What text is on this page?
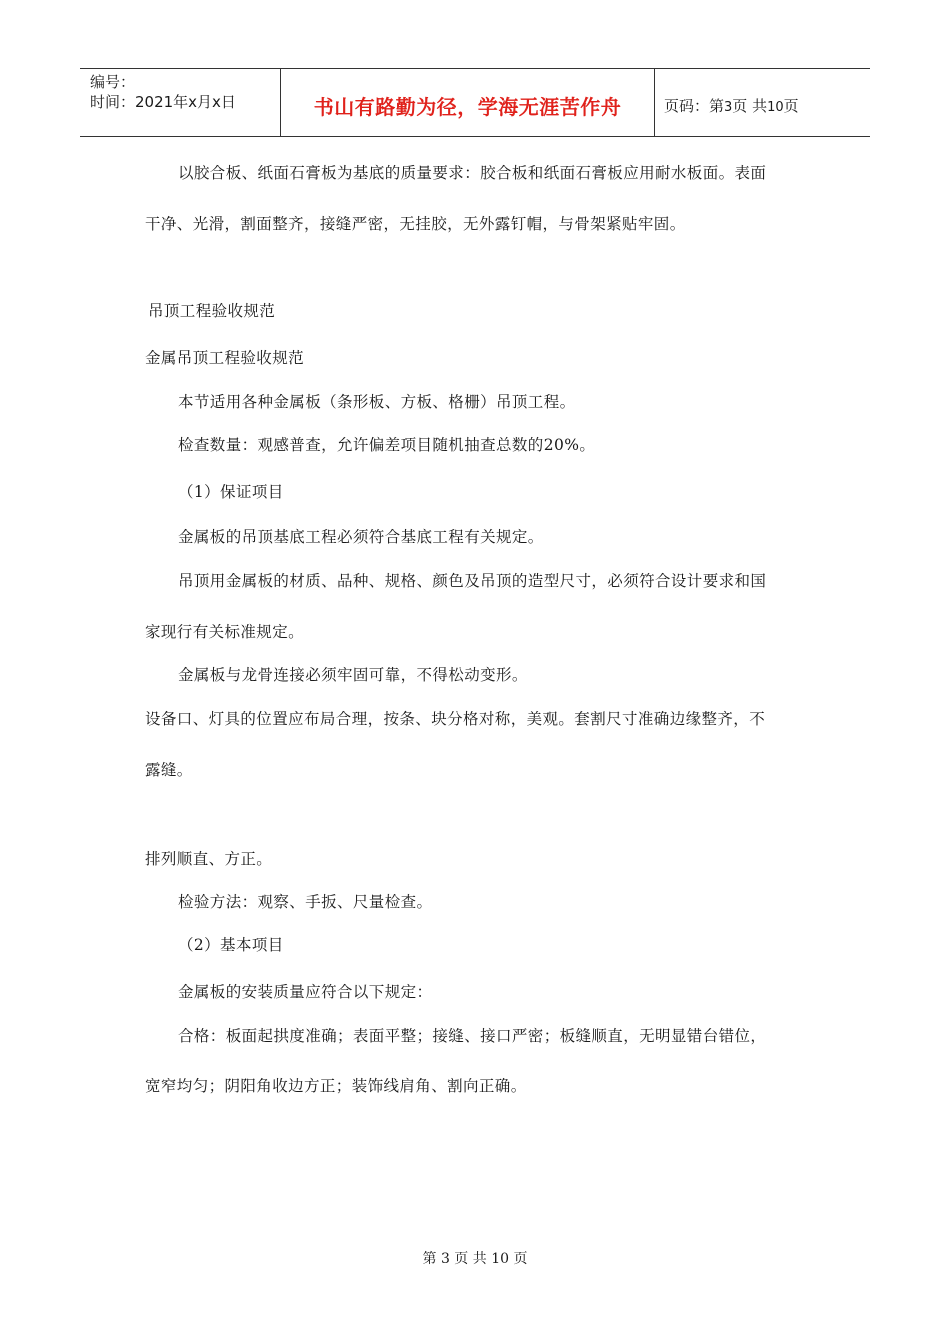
编号：
时间：2021年x月x日	书山有路勤为径，学海无涯苦作舟	页码：第3页 共10页
以胶合板、纸面石膏板为基底的质量要求：胶合板和纸面石膏板应用耐水板面。表面
干净、光滑，割面整齐，接缝严密，无挂胶，无外露钉帽，与骨架紧贴牢固。
吊顶工程验收规范
金属吊顶工程验收规范
本节适用各种金属板（条形板、方板、格栅）吊顶工程。
检查数量：观感普查，允许偏差项目随机抽查总数的20%。
（1）保证项目
金属板的吊顶基底工程必须符合基底工程有关规定。
吊顶用金属板的材质、品种、规格、颜色及吊顶的造型尺寸，必须符合设计要求和国
家现行有关标准规定。
金属板与龙骨连接必须牢固可靠，不得松动变形。
设备口、灯具的位置应布局合理，按条、块分格对称，美观。套割尺寸准确边缘整齐，不
露缝。
排列顺直、方正。
检验方法：观察、手扳、尺量检查。
（2）基本项目
金属板的安装质量应符合以下规定：
合格：板面起拱度准确；表面平整；接缝、接口严密；板缝顺直，无明显错台错位，
宽窄均匀；阴阳角收边方正；装饰线肩角、割向正确。
第 3 页 共 10 页
